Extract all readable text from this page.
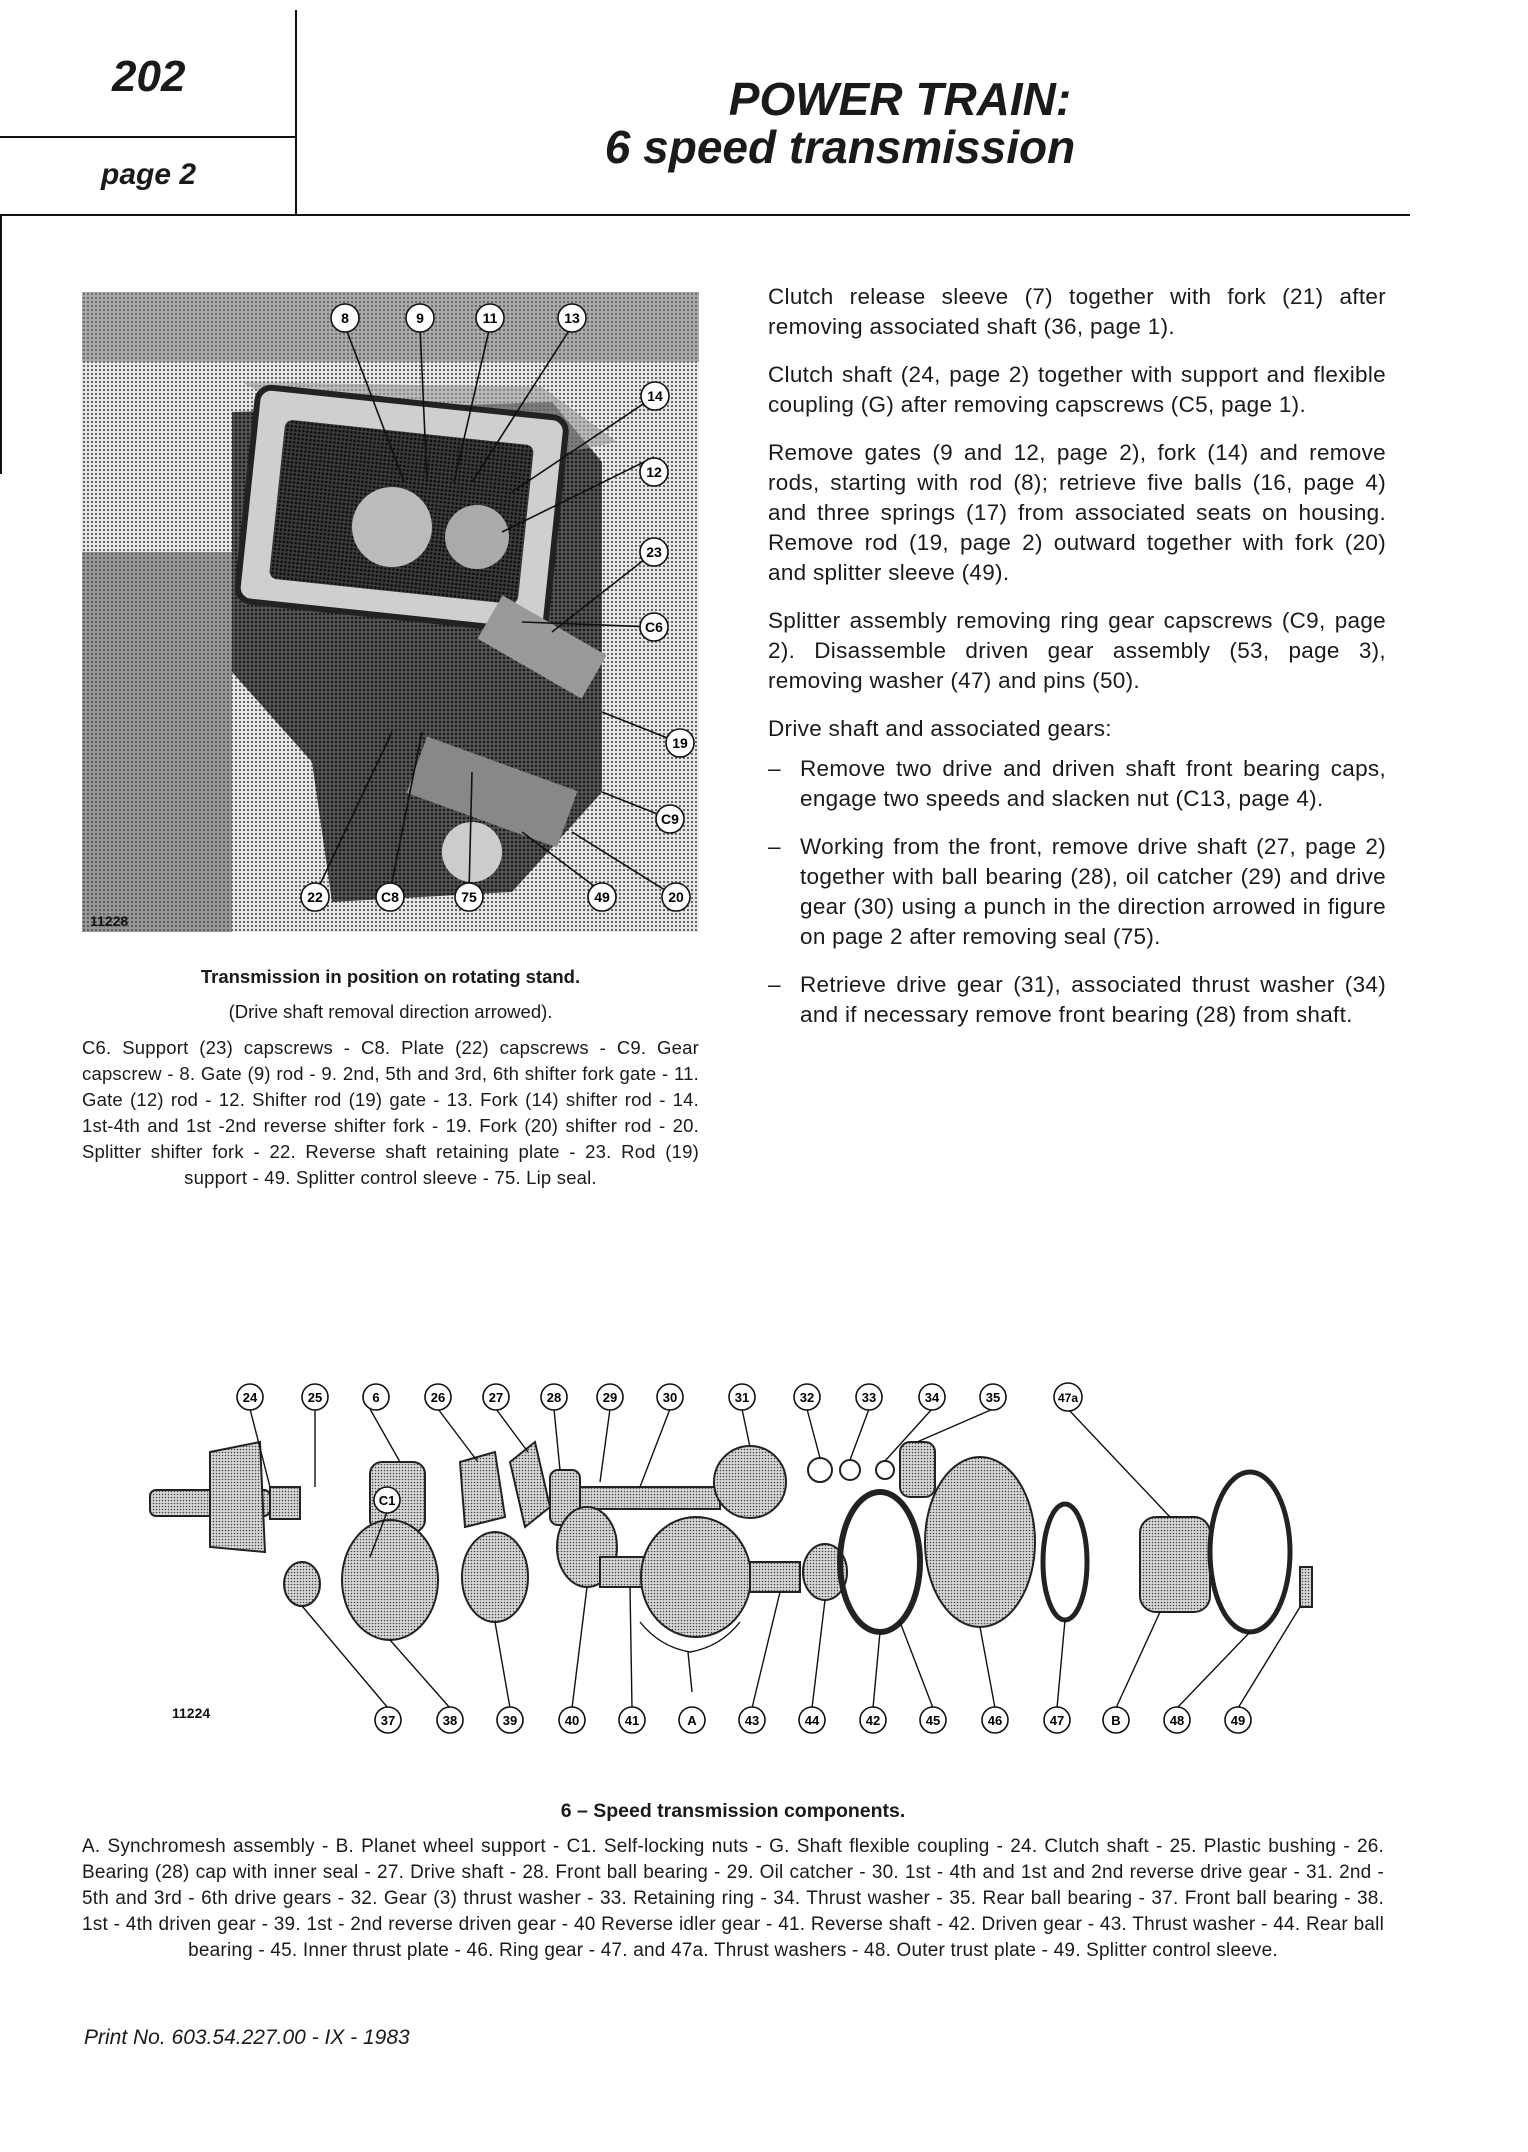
202
page 2
POWER TRAIN:
6 speed transmission
8	9	11	13
14
12
23
C6
19
C9
20
49
75
C8
22
11228
Transmission in position on rotating stand.
(Drive shaft removal direction arrowed).
C6. Support (23) capscrews - C8. Plate (22) capscrews - C9. Gear capscrew - 8. Gate (9) rod - 9. 2nd, 5th and 3rd, 6th shifter fork gate - 11. Gate (12) rod - 12. Shifter rod (19) gate - 13. Fork (14) shifter rod - 14. 1st-4th and 1st -2nd reverse shifter fork - 19. Fork (20) shifter rod - 20. Splitter shifter fork - 22. Reverse shaft retaining plate - 23. Rod (19) support - 49. Splitter control sleeve - 75. Lip seal.

Clutch release sleeve (7) together with fork (21) after removing associated shaft (36, page 1).

Clutch shaft (24, page 2) together with support and flexible coupling (G) after removing capscrews (C5, page 1).

Remove gates (9 and 12, page 2), fork (14) and remove rods, starting with rod (8); retrieve five balls (16, page 4) and three springs (17) from associated seats on housing. Remove rod (19, page 2) outward together with fork (20) and splitter sleeve (49).

Splitter assembly removing ring gear capscrews (C9, page 2). Disassemble driven gear assembly (53, page 3), removing washer (47) and pins (50).

Drive shaft and associated gears:

– Remove two drive and driven shaft front bearing caps, engage two speeds and slacken nut (C13, page 4).
– Working from the front, remove drive shaft (27, page 2) together with ball bearing (28), oil catcher (29) and drive gear (30) using a punch in the direction arrowed in figure on page 2 after removing seal (75).
– Retrieve drive gear (31), associated thrust washer (34) and if necessary remove front bearing (28) from shaft.
24	25	6	26	27	28	29	30	31	32	33	34	35	47a
C1
37	38	39	40	41	A	43	44	42	45	46	47	B	48	49
11224
6 – Speed transmission components.
A. Synchromesh assembly - B. Planet wheel support - C1. Self-locking nuts - G. Shaft flexible coupling - 24. Clutch shaft - 25. Plastic bushing - 26. Bearing (28) cap with inner seal - 27. Drive shaft - 28. Front ball bearing - 29. Oil catcher - 30. 1st - 4th and 1st and 2nd reverse drive gear - 31. 2nd - 5th and 3rd - 6th drive gears - 32. Gear (3) thrust washer - 33. Retaining ring - 34. Thrust washer - 35. Rear ball bearing - 37. Front ball bearing - 38. 1st - 4th driven gear - 39. 1st - 2nd reverse driven gear - 40 Reverse idler gear - 41. Reverse shaft - 42. Driven gear - 43. Thrust washer - 44. Rear ball bearing - 45. Inner thrust plate - 46. Ring gear - 47. and 47a. Thrust washers - 48. Outer trust plate - 49. Splitter control sleeve.
Print No. 603.54.227.00 - IX - 1983
